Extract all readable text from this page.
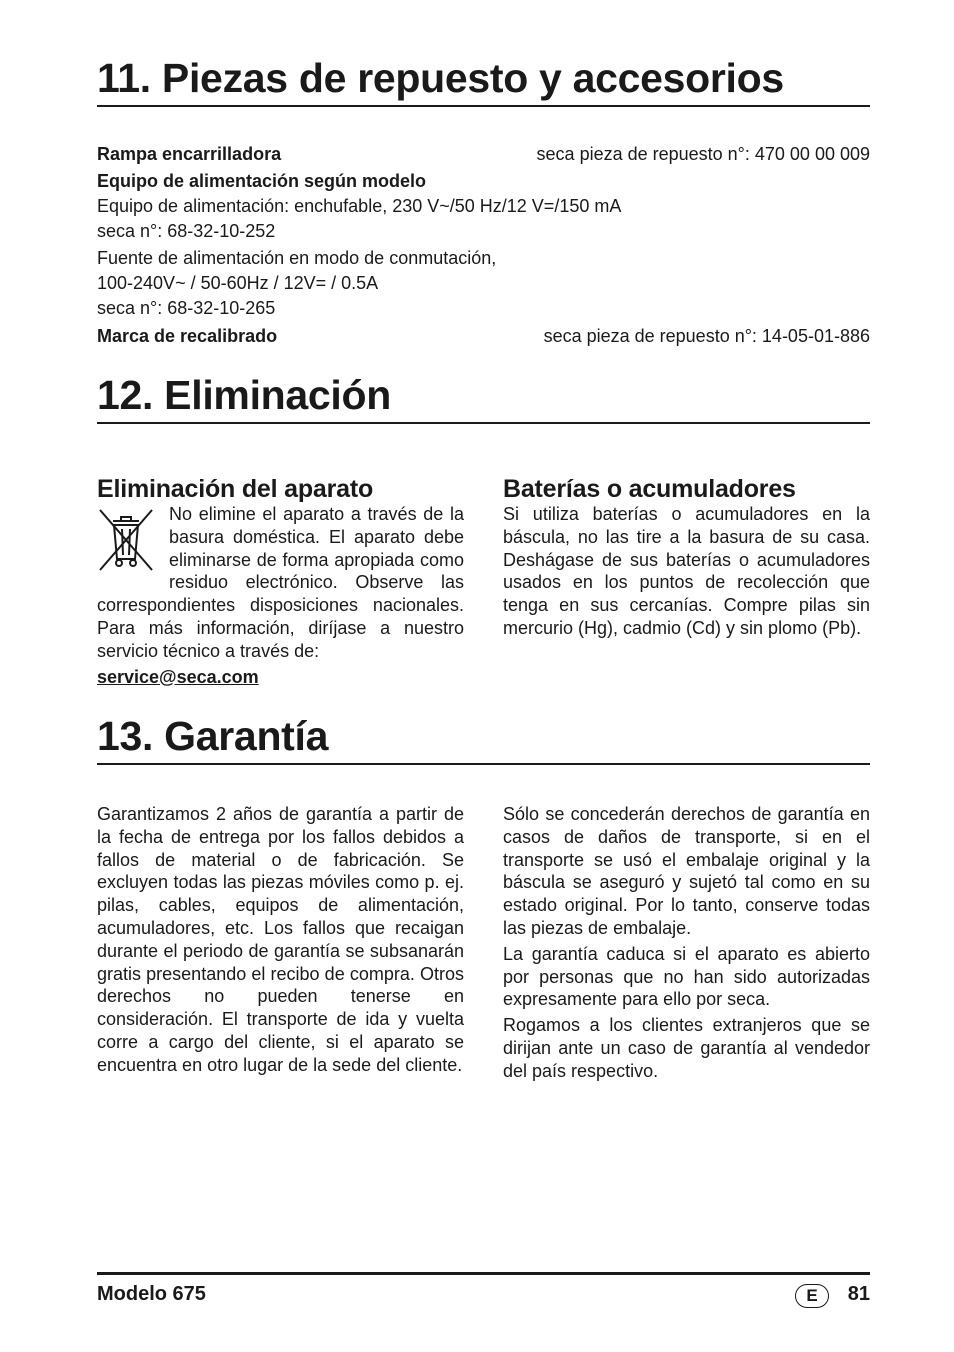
11. Piezas de repuesto y accesorios
Rampa encarrilladora	seca pieza de repuesto n°: 470 00 00 009
Equipo de alimentación según modelo
Equipo de alimentación: enchufable, 230 V~/50 Hz/12 V=/150 mA
seca n°: 68-32-10-252
Fuente de alimentación en modo de conmutación,
100-240V~ / 50-60Hz / 12V= / 0.5A
seca n°: 68-32-10-265
Marca de recalibrado	seca pieza de repuesto n°: 14-05-01-886
12. Eliminación
Eliminación del aparato

No elimine el aparato a través de la basura doméstica. El aparato debe eliminarse de forma apropiada como residuo electrónico. Observe las correspondientes disposiciones nacionales. Para más información, diríjase a nuestro servicio técnico a través de:

service@seca.com
Baterías o acumuladores

Si utiliza baterías o acumuladores en la báscula, no las tire a la basura de su casa. Deshágase de sus baterías o acumuladores usados en los puntos de recolección que tenga en sus cercanías. Compre pilas sin mercurio (Hg), cadmio (Cd) y sin plomo (Pb).

13. Garantía

Garantizamos 2 años de garantía a partir de la fecha de entrega por los fallos debidos a fallos de material o de fabricación. Se excluyen todas las piezas móviles como p. ej. pilas, cables, equipos de alimentación, acumuladores, etc. Los fallos que recaigan durante el periodo de garantía se subsanarán gratis presentando el recibo de compra. Otros derechos no pueden tenerse en consideración. El transporte de ida y vuelta corre a cargo del cliente, si el aparato se encuentra en otro lugar de la sede del cliente.

Sólo se concederán derechos de garantía en casos de daños de transporte, si en el transporte se usó el embalaje original y la báscula se aseguró y sujetó tal como en su estado original. Por lo tanto, conserve todas las piezas de embalaje.

La garantía caduca si el aparato es abierto por personas que no han sido autorizadas expresamente para ello por seca.

Rogamos a los clientes extranjeros que se dirijan ante un caso de garantía al vendedor del país respectivo.

Modelo 675	E	81
